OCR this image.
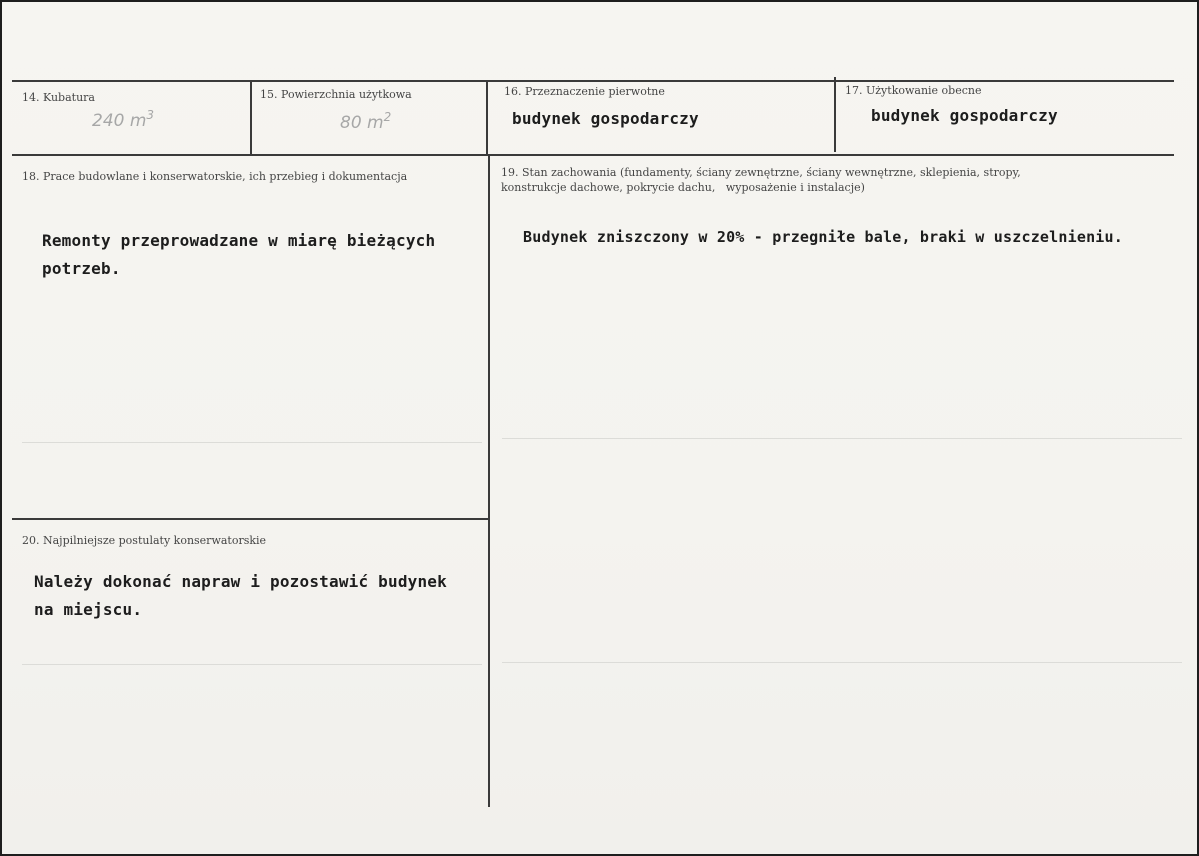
14. Kubatura
240 $m^3$
15. Powierzchnia użytkowa
80 $m^2$
16. Przeznaczenie pierwotne
budynek gospodarczy
17. Użytkowanie obecne
budynek gospodarczy
18. Prace budowlane i konserwatorskie, ich przebieg i dokumentacja
Remonty przeprowadzane w miarę bieżących
potrzeb.
19. Stan zachowania (fundamenty, ściany zewnętrzne, ściany wewnętrzne, sklepienia, stropy,
konstrukcje dachowe, pokrycie dachu,   wyposażenie i instalacje)
Budynek zniszczony w 20% - przegniłe bale, braki w uszczelnieniu.
20. Najpilniejsze postulaty konserwatorskie
Należy dokonać napraw i pozostawić budynek
na miejscu.
